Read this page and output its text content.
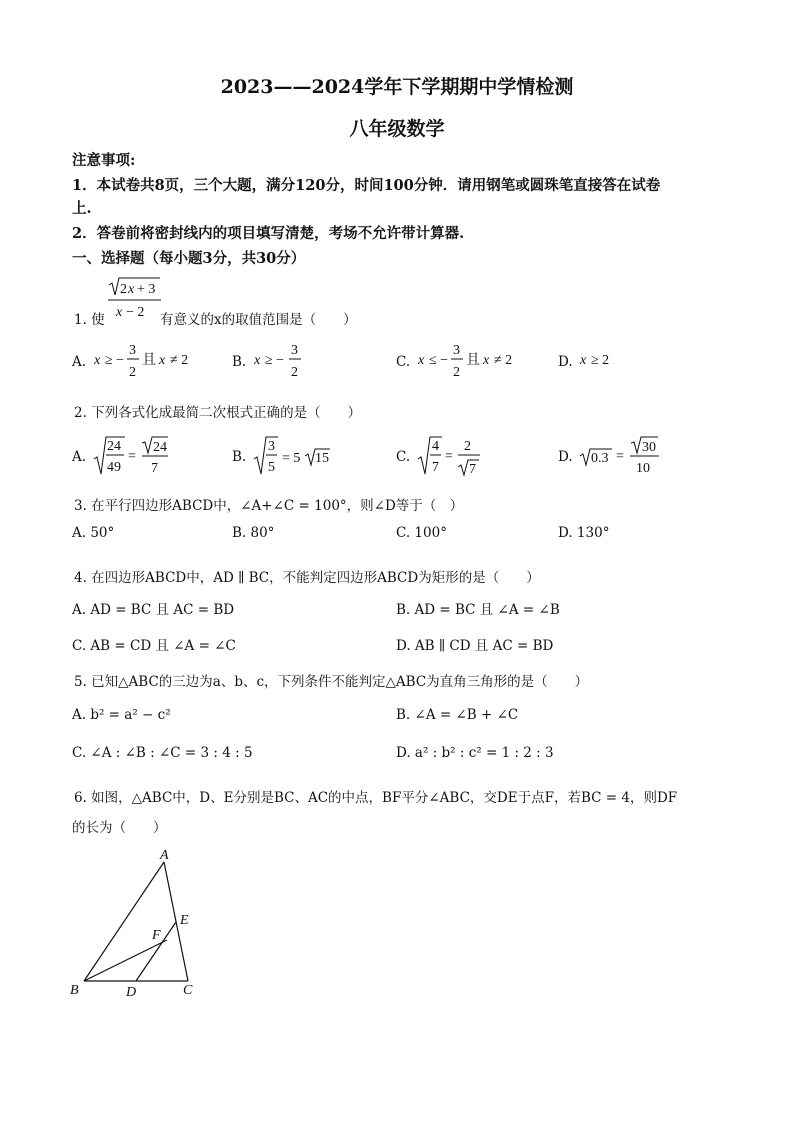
2023——2024学年下学期期中学情检测
八年级数学
注意事项:
1．本试卷共8页，三个大题，满分120分，时间100分钟．请用钢笔或圆珠笔直接答在试卷
上.
2．答卷前将密封线内的项目填写清楚，考场不允许带计算器.
一、选择题（每小题3分，共30分）
1. 使
2 x + 3
x − 2 有意义的x的取值范围是（　　）
A. x ≥ −
3
2
且 x ≠ 2	B. x ≥ −
3
2
C. x ≤ −
3
2
且 x ≠ 2	D. x ≥ 2
2. 下列各式化成最简二次根式正确的是（　　）
A.
24
49
=
24
7
B.
3
5
= 5 15	C.
4
7
=
2
7
D. 0.3 =
30
10
3. 在平行四边形ABCD中，∠A+∠C = 100°，则∠D等于（　）
A. 50°	B. 80°	C. 100°	D. 130°
4. 在四边形ABCD中，AD ∥ BC，不能判定四边形ABCD为矩形的是（　　）
A. AD = BC 且 AC = BD	B. AD = BC 且 ∠A = ∠B
C. AB = CD 且 ∠A = ∠C	D. AB ∥ CD 且 AC = BD
5. 已知△ABC的三边为a、b、c，下列条件不能判定△ABC为直角三角形的是（　　）
A. b² = a² − c²	B. ∠A = ∠B + ∠C
C. ∠A : ∠B : ∠C = 3 : 4 : 5	D. a² : b² : c² = 1 : 2 : 3
6. 如图，△ABC中，D、E分别是BC、AC的中点，BF平分∠ABC，交DE于点F，若BC = 4，则DF
的长为（　　）
A
B	C
D
E
F
